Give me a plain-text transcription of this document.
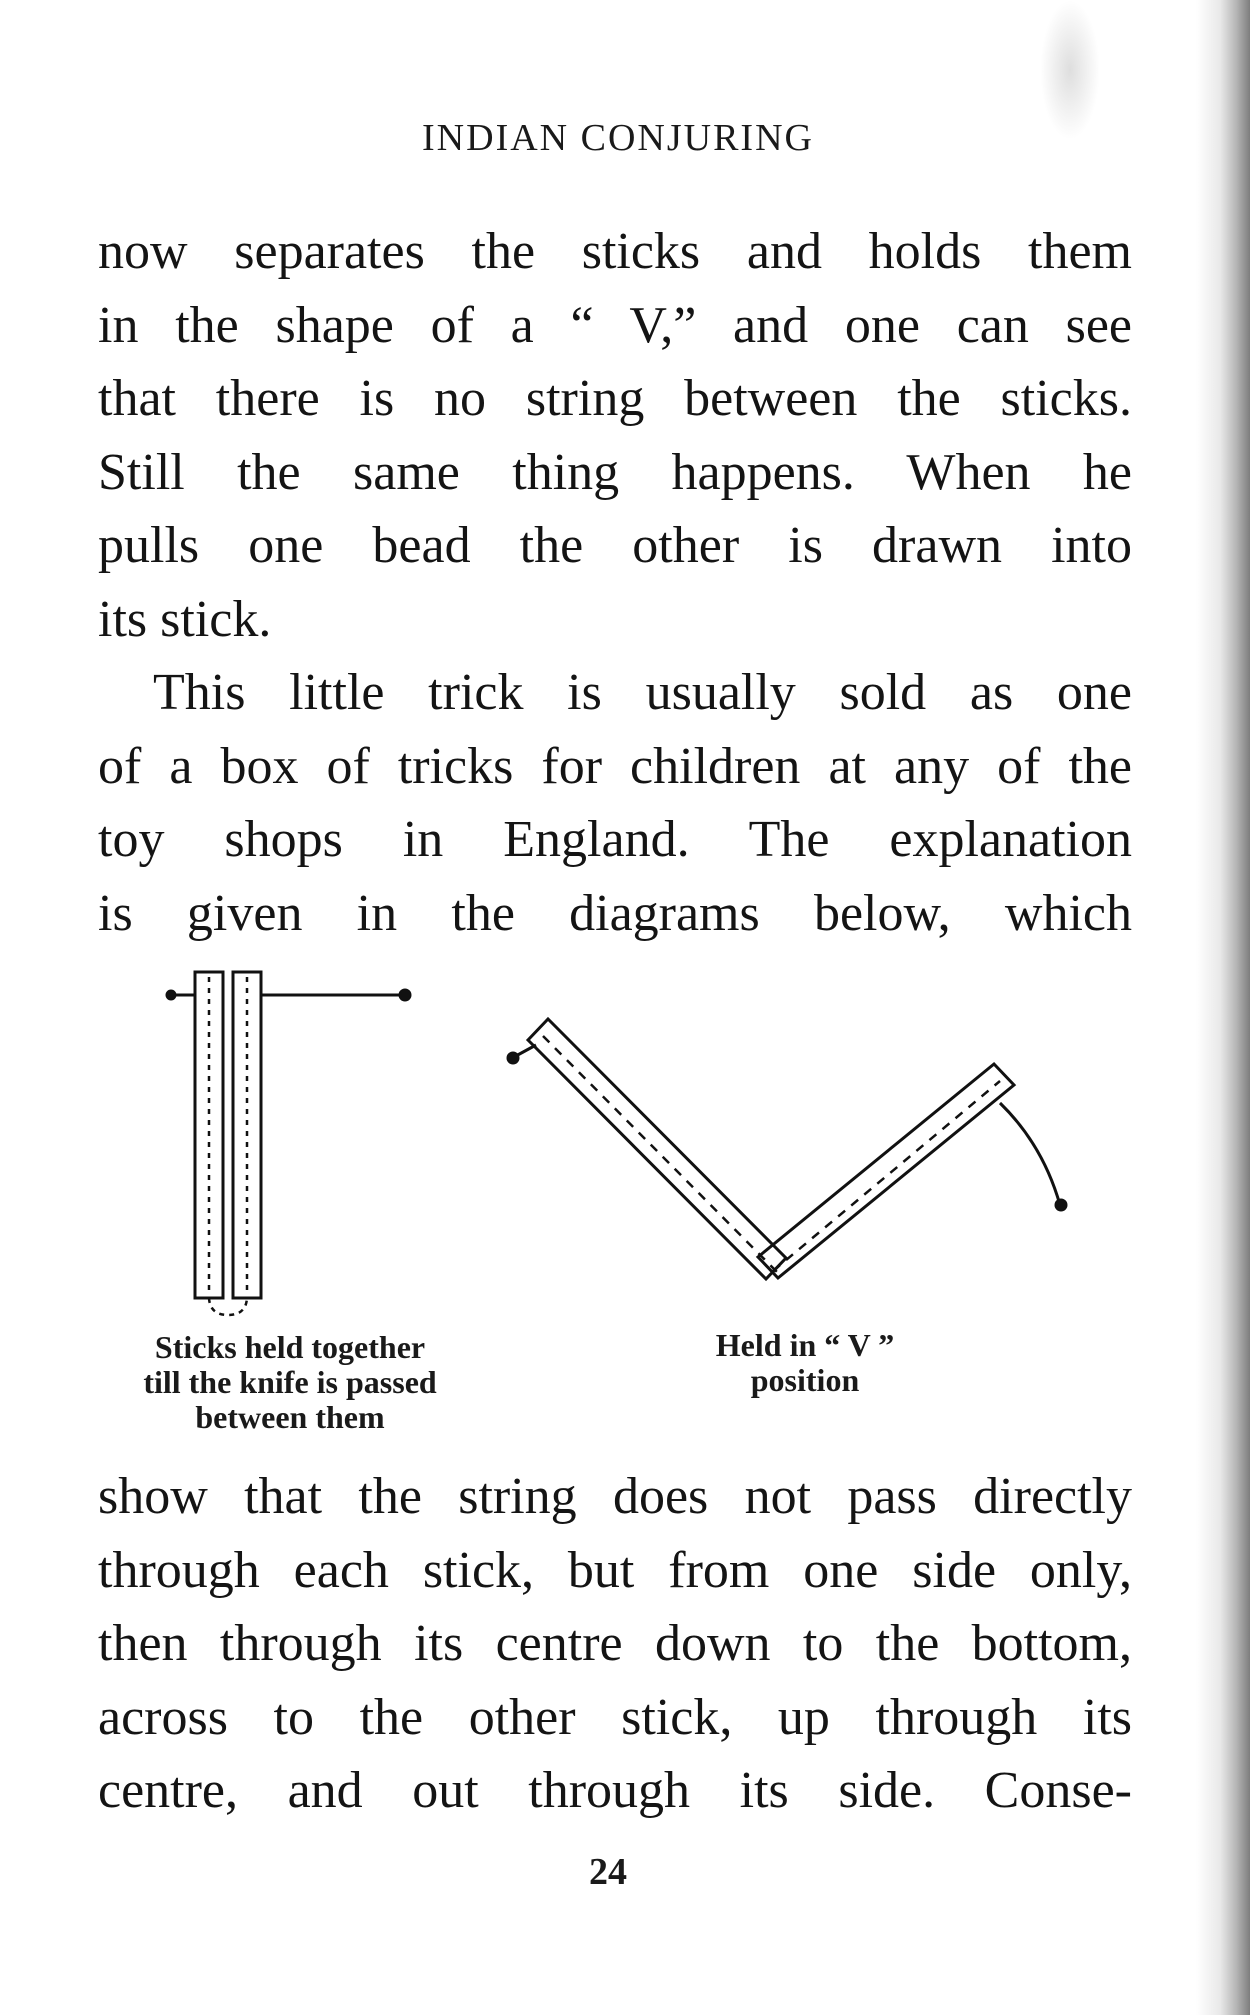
INDIAN CONJURING
now separates the sticks and holds them
in the shape of a “ V,” and one can see
that there is no string between the sticks.
Still the same thing happens. When he
pulls one bead the other is drawn into
its stick.
This little trick is usually sold as one
of a box of tricks for children at any of the
toy shops in England. The explanation
is given in the diagrams below, which
Sticks held together
till the knife is passed
between them
Held in “ V ”
position
show that the string does not pass directly
through each stick, but from one side only,
then through its centre down to the bottom,
across to the other stick, up through its
centre, and out through its side. Conse-
24
